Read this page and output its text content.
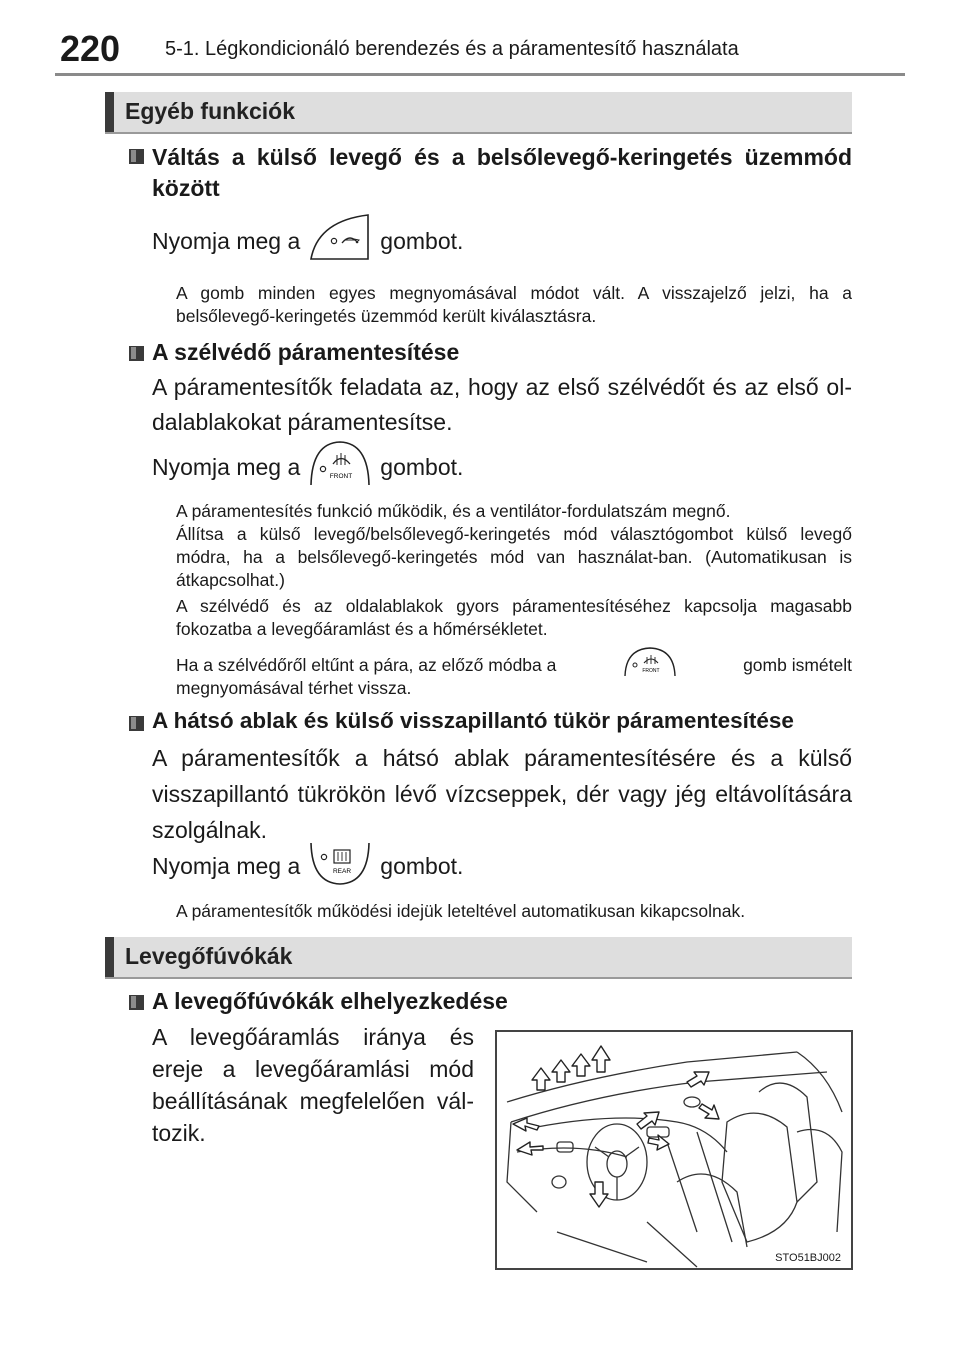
220 5-1. Légkondicionáló berendezés és a páramentesítő használata
Egyéb funkciók
Váltás a külső levegő és a belsőlevegő-keringetés üzemmód
között
Nyomja meg a	gombot.
A gomb minden egyes megnyomásával módot vált. A visszajelző jelzi, ha a belsőlevegő-keringetés üzemmód került kiválasztásra.
A szélvédő páramentesítése
A páramentesítők feladata az, hogy az első szélvédőt és az első ol-dalablakokat páramentesítse.
Nyomja meg a	FRONT gombot.
A páramentesítés funkció működik, és a ventilátor-fordulatszám megnő.
Állítsa a külső levegő/belsőlevegő-keringetés mód választógombot külső levegő módra, ha a belsőlevegő-keringetés mód van használat-ban. (Automatikusan is átkapcsolhat.)
A szélvédő és az oldalablakok gyors páramentesítéséhez kapcsolja magasabb fokozatba a levegőáramlást és a hőmérsékletet.
Ha a szélvédőről eltűnt a pára, az előző módba a	FRONT	gomb ismételt
megnyomásával térhet vissza.
A hátsó ablak és külső visszapillantó tükör páramentesítése
A páramentesítők a hátsó ablak páramentesítésére és a külső visszapillantó tükrökön lévő vízcseppek, dér vagy jég eltávolítására szolgálnak.
Nyomja meg a	REAR gombot.
A páramentesítők működési idejük leteltével automatikusan kikapcsolnak.
Levegőfúvókák
A levegőfúvókák elhelyezkedése
A levegőáramlás iránya és ereje a levegőáramlási mód beállításának megfelelően vál-tozik.
STO51BJ002
